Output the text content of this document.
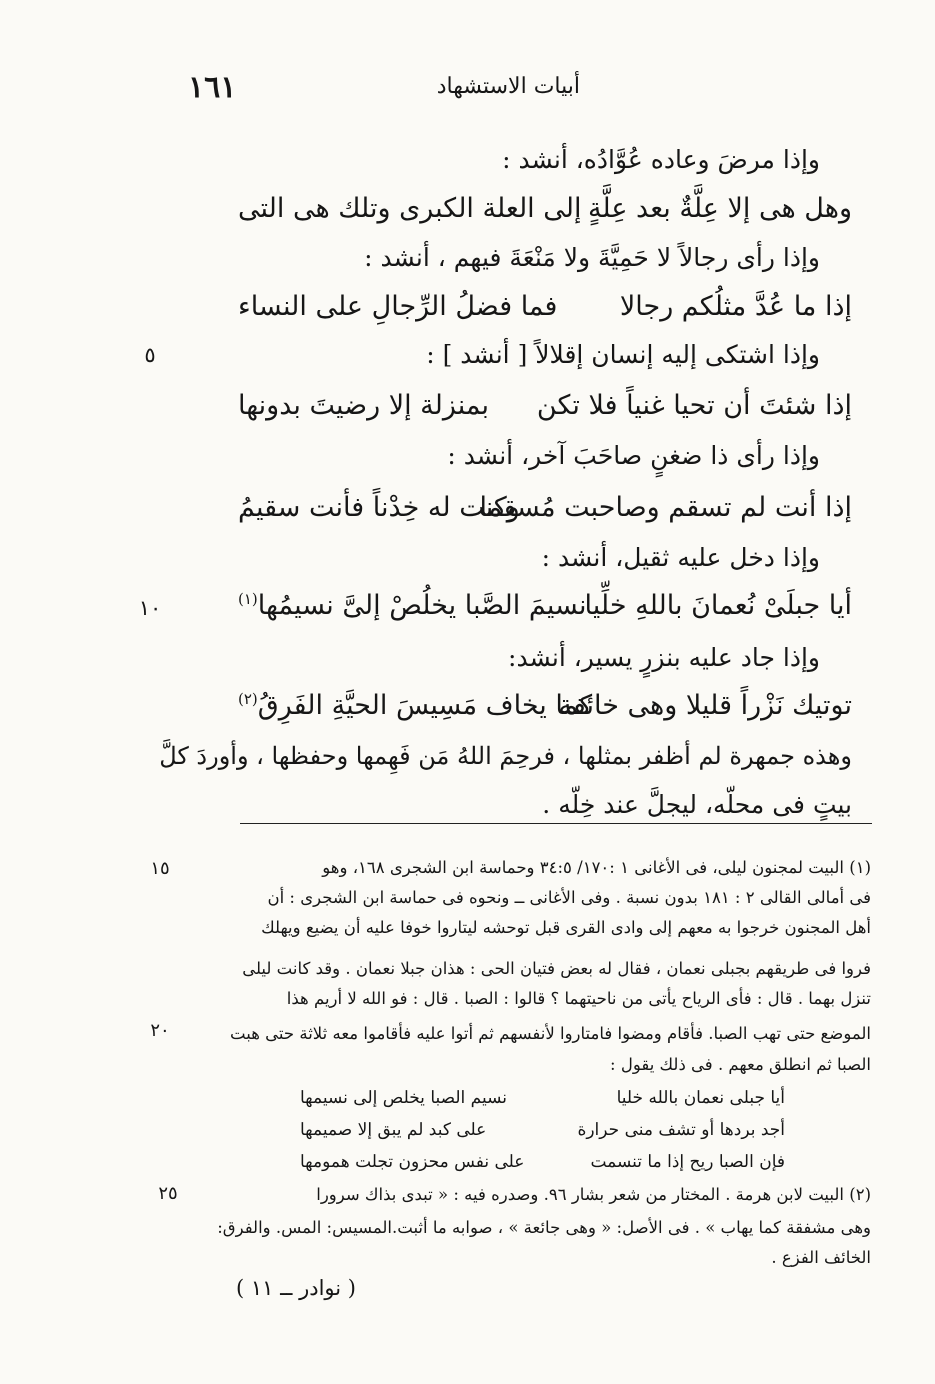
أبيات الاستشهاد
١٦١
وإذا مرضَ وعاده عُوَّادُه، أنشد :
وهل هى إلا عِلَّةٌ بعد عِلَّةٍ
إلى العلة الكبرى وتلك هى التى
وإذا رأى رجالاً لا حَمِيَّةَ ولا مَنْعَةَ فيهم ، أنشد :
إذا ما عُدَّ مثلُكم رجالا
فما فضلُ الرِّجالِ على النساء
وإذا اشتكى إليه إنسان إقلالاً [ أنشد ] :
٥
إذا شئتَ أن تحيا غنياً فلا تكن
بمنزلة إلا رضيتَ بدونها
وإذا رأى ذا ضغنٍ صاحَبَ آخر، أنشد :
إذا أنت لم تسقم وصاحبت مُسقِما
وكنت له خِدْناً فأنت سقيمُ
وإذا دخل عليه ثقيل، أنشد :
أيا جبلَىْ نُعمانَ باللهِ خلِّيا
نسيمَ الصَّبا يخلُصْ إلىَّ نسيمُها$^{(١)}$
١٠
وإذا جاد عليه بنزرٍ يسير، أنشد:
توتيك نَزْراً قليلا وهى خائفة
كما يخاف مَسِيسَ الحيَّةِ الفَرِقُ$^{(٢)}$
وهذه جمهرة لم أظفر بمثلها ، فرحِمَ اللهُ مَن فَهِمها وحفظها ، وأوردَ كلَّ
بيتٍ فى محلّه، ليجلَّ عند خِلّه .
(١) البيت لمجنون ليلى، فى الأغانى ١ :١٧٠/ ٣٤:٥ وحماسة ابن الشجرى ١٦٨، وهو
١٥
فى أمالى القالى ٢ : ١٨١ بدون نسبة . وفى الأغانى ــ ونحوه فى حماسة ابن الشجرى : أن
أهل المجنون خرجوا به معهم إلى وادى القرى قبل توحشه ليتاروا خوفا عليه أن يضيع ويهلك
فروا فى طريقهم بجبلى نعمان ، فقال له بعض فتيان الحى : هذان جبلا نعمان . وقد كانت ليلى
تنزل بهما . قال : فأى الرياح يأتى من ناحيتهما ؟ قالوا : الصبا . قال : فو الله لا أريم هذا
الموضع حتى تهب الصبا. فأقام ومضوا فامتاروا لأنفسهم ثم أتوا عليه فأقاموا معه ثلاثة حتى هبت
٢٠
الصبا ثم انطلق معهم . فى ذلك يقول :
أيا جبلى نعمان بالله خليا
نسيم الصبا يخلص إلى نسيمها
أجد بردها أو تشف منى حرارة
على كبد لم يبق إلا صميمها
فإن الصبا ريح إذا ما تنسمت
على نفس محزون تجلت همومها
(٢) البيت لابن هرمة . المختار من شعر بشار ٩٦. وصدره فيه : « تبدى بذاك سرورا
٢٥
وهى مشفقة كما يهاب » . فى الأصل: « وهى جائعة » ، صوابه ما أثبت.المسيس: المس. والفرق:
الخائف الفزع .
( نوادر ــ ١١ )
